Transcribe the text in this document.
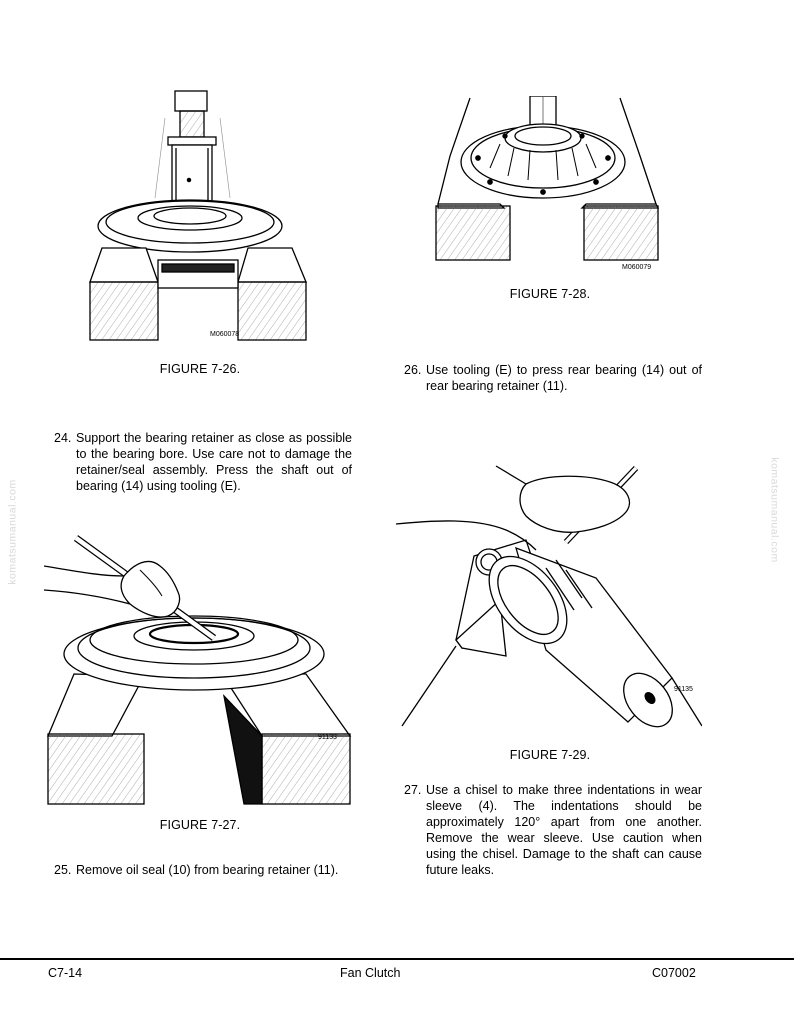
M060078
FIGURE 7-26.
M060079
FIGURE 7-28.
26. Use tooling (E) to press rear bearing (14) out of rear bearing retainer (11).
24. Support the bearing retainer as close as possible to the bearing bore. Use care not to damage the retainer/seal assembly. Press the shaft out of bearing (14) using tooling (E).
komatsumanual.com	komatsumanual.com
91133
FIGURE 7-27.
25. Remove oil seal (10) from bearing retainer (11).
91135
FIGURE 7-29.
27. Use a chisel to make three indentations in wear sleeve (4). The indentations should be approximately 120° apart from one another. Remove the wear sleeve. Use caution when using the chisel. Damage to the shaft can cause future leaks.
C7-14	Fan Clutch	C07002
